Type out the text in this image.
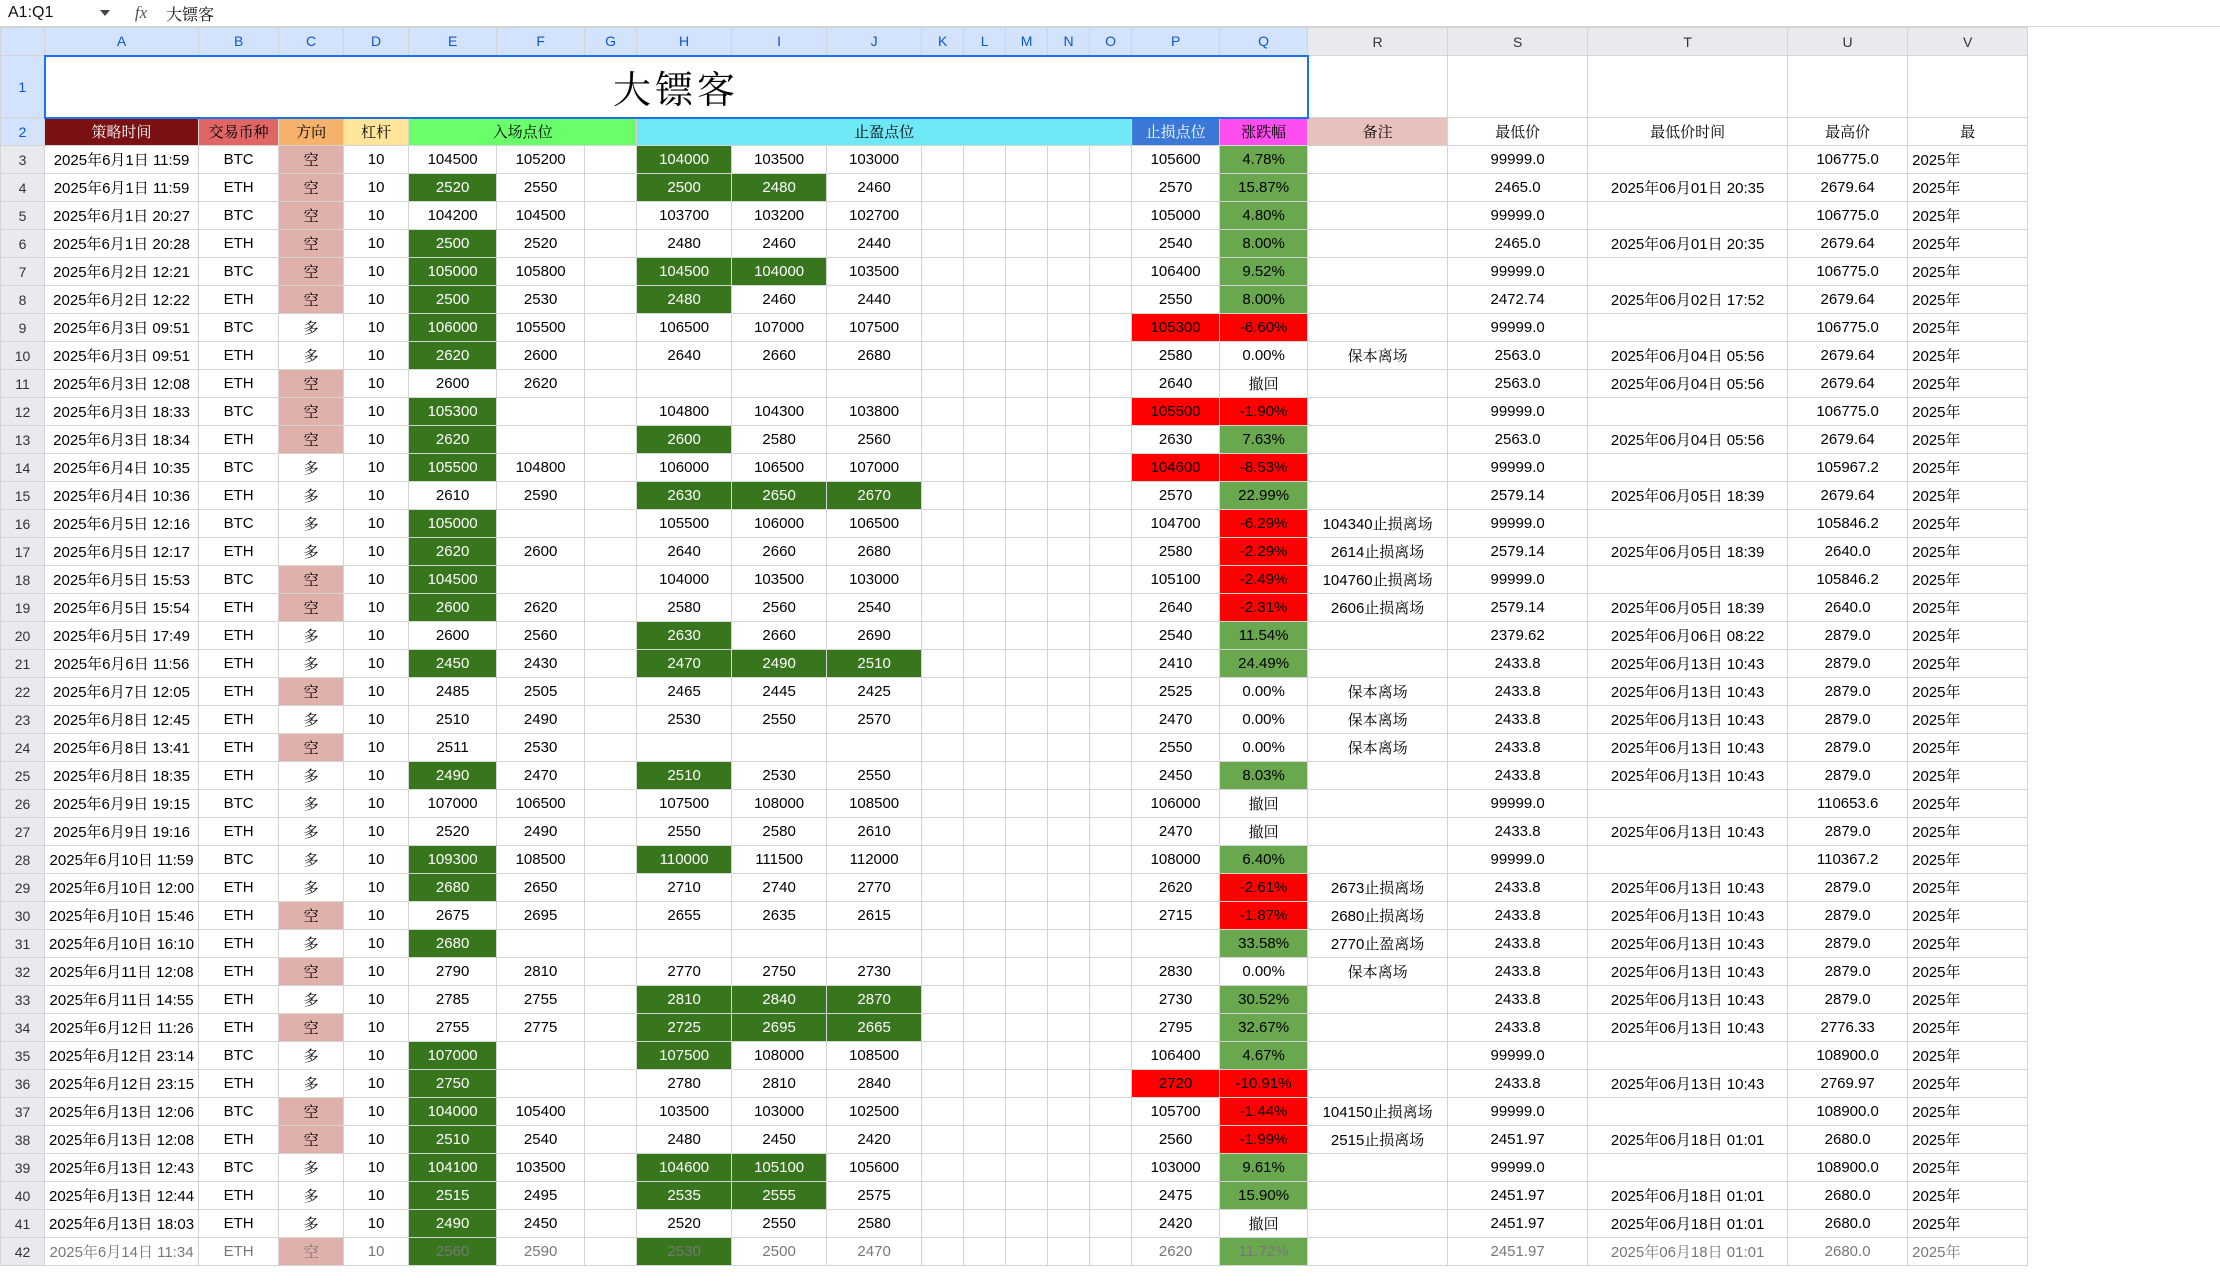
A1:Q1	fx	大镖客
	A	B	C	D	E	F	G	H	I	J	K	L	M	N	O	P	Q	R	S	T	U	V
1	大镖客																					
2	策略时间	交易币种	方向	杠杆	入场点位			止盈点位								止损点位	涨跌幅	备注	最低价	最低价时间	最高价	最
3	2025年6月1日 11:59	BTC	空	10	104500	105200		104000	103500	103000						105600	4.78%		99999.0		106775.0	2025年
4	2025年6月1日 11:59	ETH	空	10	2520	2550		2500	2480	2460						2570	15.87%		2465.0	2025年06月01日 20:35	2679.64	2025年
5	2025年6月1日 20:27	BTC	空	10	104200	104500		103700	103200	102700						105000	4.80%		99999.0		106775.0	2025年
6	2025年6月1日 20:28	ETH	空	10	2500	2520		2480	2460	2440						2540	8.00%		2465.0	2025年06月01日 20:35	2679.64	2025年
7	2025年6月2日 12:21	BTC	空	10	105000	105800		104500	104000	103500						106400	9.52%		99999.0		106775.0	2025年
8	2025年6月2日 12:22	ETH	空	10	2500	2530		2480	2460	2440						2550	8.00%		2472.74	2025年06月02日 17:52	2679.64	2025年
9	2025年6月3日 09:51	BTC	多	10	106000	105500		106500	107000	107500						105300	-6.60%		99999.0		106775.0	2025年
10	2025年6月3日 09:51	ETH	多	10	2620	2600		2640	2660	2680						2580	0.00%	保本离场	2563.0	2025年06月04日 05:56	2679.64	2025年
11	2025年6月3日 12:08	ETH	空	10	2600	2620										2640	撤回		2563.0	2025年06月04日 05:56	2679.64	2025年
12	2025年6月3日 18:33	BTC	空	10	105300			104800	104300	103800						105500	-1.90%		99999.0		106775.0	2025年
13	2025年6月3日 18:34	ETH	空	10	2620			2600	2580	2560						2630	7.63%		2563.0	2025年06月04日 05:56	2679.64	2025年
14	2025年6月4日 10:35	BTC	多	10	105500	104800		106000	106500	107000						104600	-8.53%		99999.0		105967.2	2025年
15	2025年6月4日 10:36	ETH	多	10	2610	2590		2630	2650	2670						2570	22.99%		2579.14	2025年06月05日 18:39	2679.64	2025年
16	2025年6月5日 12:16	BTC	多	10	105000			105500	106000	106500						104700	-6.29%	104340止损离场	99999.0		105846.2	2025年
17	2025年6月5日 12:17	ETH	多	10	2620	2600		2640	2660	2680						2580	-2.29%	2614止损离场	2579.14	2025年06月05日 18:39	2640.0	2025年
18	2025年6月5日 15:53	BTC	空	10	104500			104000	103500	103000						105100	-2.49%	104760止损离场	99999.0		105846.2	2025年
19	2025年6月5日 15:54	ETH	空	10	2600	2620		2580	2560	2540						2640	-2.31%	2606止损离场	2579.14	2025年06月05日 18:39	2640.0	2025年
20	2025年6月5日 17:49	ETH	多	10	2600	2560		2630	2660	2690						2540	11.54%		2379.62	2025年06月06日 08:22	2879.0	2025年
21	2025年6月6日 11:56	ETH	多	10	2450	2430		2470	2490	2510						2410	24.49%		2433.8	2025年06月13日 10:43	2879.0	2025年
22	2025年6月7日 12:05	ETH	空	10	2485	2505		2465	2445	2425						2525	0.00%	保本离场	2433.8	2025年06月13日 10:43	2879.0	2025年
23	2025年6月8日 12:45	ETH	多	10	2510	2490		2530	2550	2570						2470	0.00%	保本离场	2433.8	2025年06月13日 10:43	2879.0	2025年
24	2025年6月8日 13:41	ETH	空	10	2511	2530										2550	0.00%	保本离场	2433.8	2025年06月13日 10:43	2879.0	2025年
25	2025年6月8日 18:35	ETH	多	10	2490	2470		2510	2530	2550						2450	8.03%		2433.8	2025年06月13日 10:43	2879.0	2025年
26	2025年6月9日 19:15	BTC	多	10	107000	106500		107500	108000	108500						106000	撤回		99999.0		110653.6	2025年
27	2025年6月9日 19:16	ETH	多	10	2520	2490		2550	2580	2610						2470	撤回		2433.8	2025年06月13日 10:43	2879.0	2025年
28	2025年6月10日 11:59	BTC	多	10	109300	108500		110000	111500	112000						108000	6.40%		99999.0		110367.2	2025年
29	2025年6月10日 12:00	ETH	多	10	2680	2650		2710	2740	2770						2620	-2.61%	2673止损离场	2433.8	2025年06月13日 10:43	2879.0	2025年
30	2025年6月10日 15:46	ETH	空	10	2675	2695		2655	2635	2615						2715	-1.87%	2680止损离场	2433.8	2025年06月13日 10:43	2879.0	2025年
31	2025年6月10日 16:10	ETH	多	10	2680												33.58%	2770止盈离场	2433.8	2025年06月13日 10:43	2879.0	2025年
32	2025年6月11日 12:08	ETH	空	10	2790	2810		2770	2750	2730						2830	0.00%	保本离场	2433.8	2025年06月13日 10:43	2879.0	2025年
33	2025年6月11日 14:55	ETH	多	10	2785	2755		2810	2840	2870						2730	30.52%		2433.8	2025年06月13日 10:43	2879.0	2025年
34	2025年6月12日 11:26	ETH	空	10	2755	2775		2725	2695	2665						2795	32.67%		2433.8	2025年06月13日 10:43	2776.33	2025年
35	2025年6月12日 23:14	BTC	多	10	107000			107500	108000	108500						106400	4.67%		99999.0		108900.0	2025年
36	2025年6月12日 23:15	ETH	多	10	2750			2780	2810	2840						2720	-10.91%		2433.8	2025年06月13日 10:43	2769.97	2025年
37	2025年6月13日 12:06	BTC	空	10	104000	105400		103500	103000	102500						105700	-1.44%	104150止损离场	99999.0		108900.0	2025年
38	2025年6月13日 12:08	ETH	空	10	2510	2540		2480	2450	2420						2560	-1.99%	2515止损离场	2451.97	2025年06月18日 01:01	2680.0	2025年
39	2025年6月13日 12:43	BTC	多	10	104100	103500		104600	105100	105600						103000	9.61%		99999.0		108900.0	2025年
40	2025年6月13日 12:44	ETH	多	10	2515	2495		2535	2555	2575						2475	15.90%		2451.97	2025年06月18日 01:01	2680.0	2025年
41	2025年6月13日 18:03	ETH	多	10	2490	2450		2520	2550	2580						2420	撤回		2451.97	2025年06月18日 01:01	2680.0	2025年
42	2025年6月14日 11:34	ETH	空	10	2560	2590		2530	2500	2470						2620	11.72%		2451.97	2025年06月18日 01:01	2680.0	2025年
